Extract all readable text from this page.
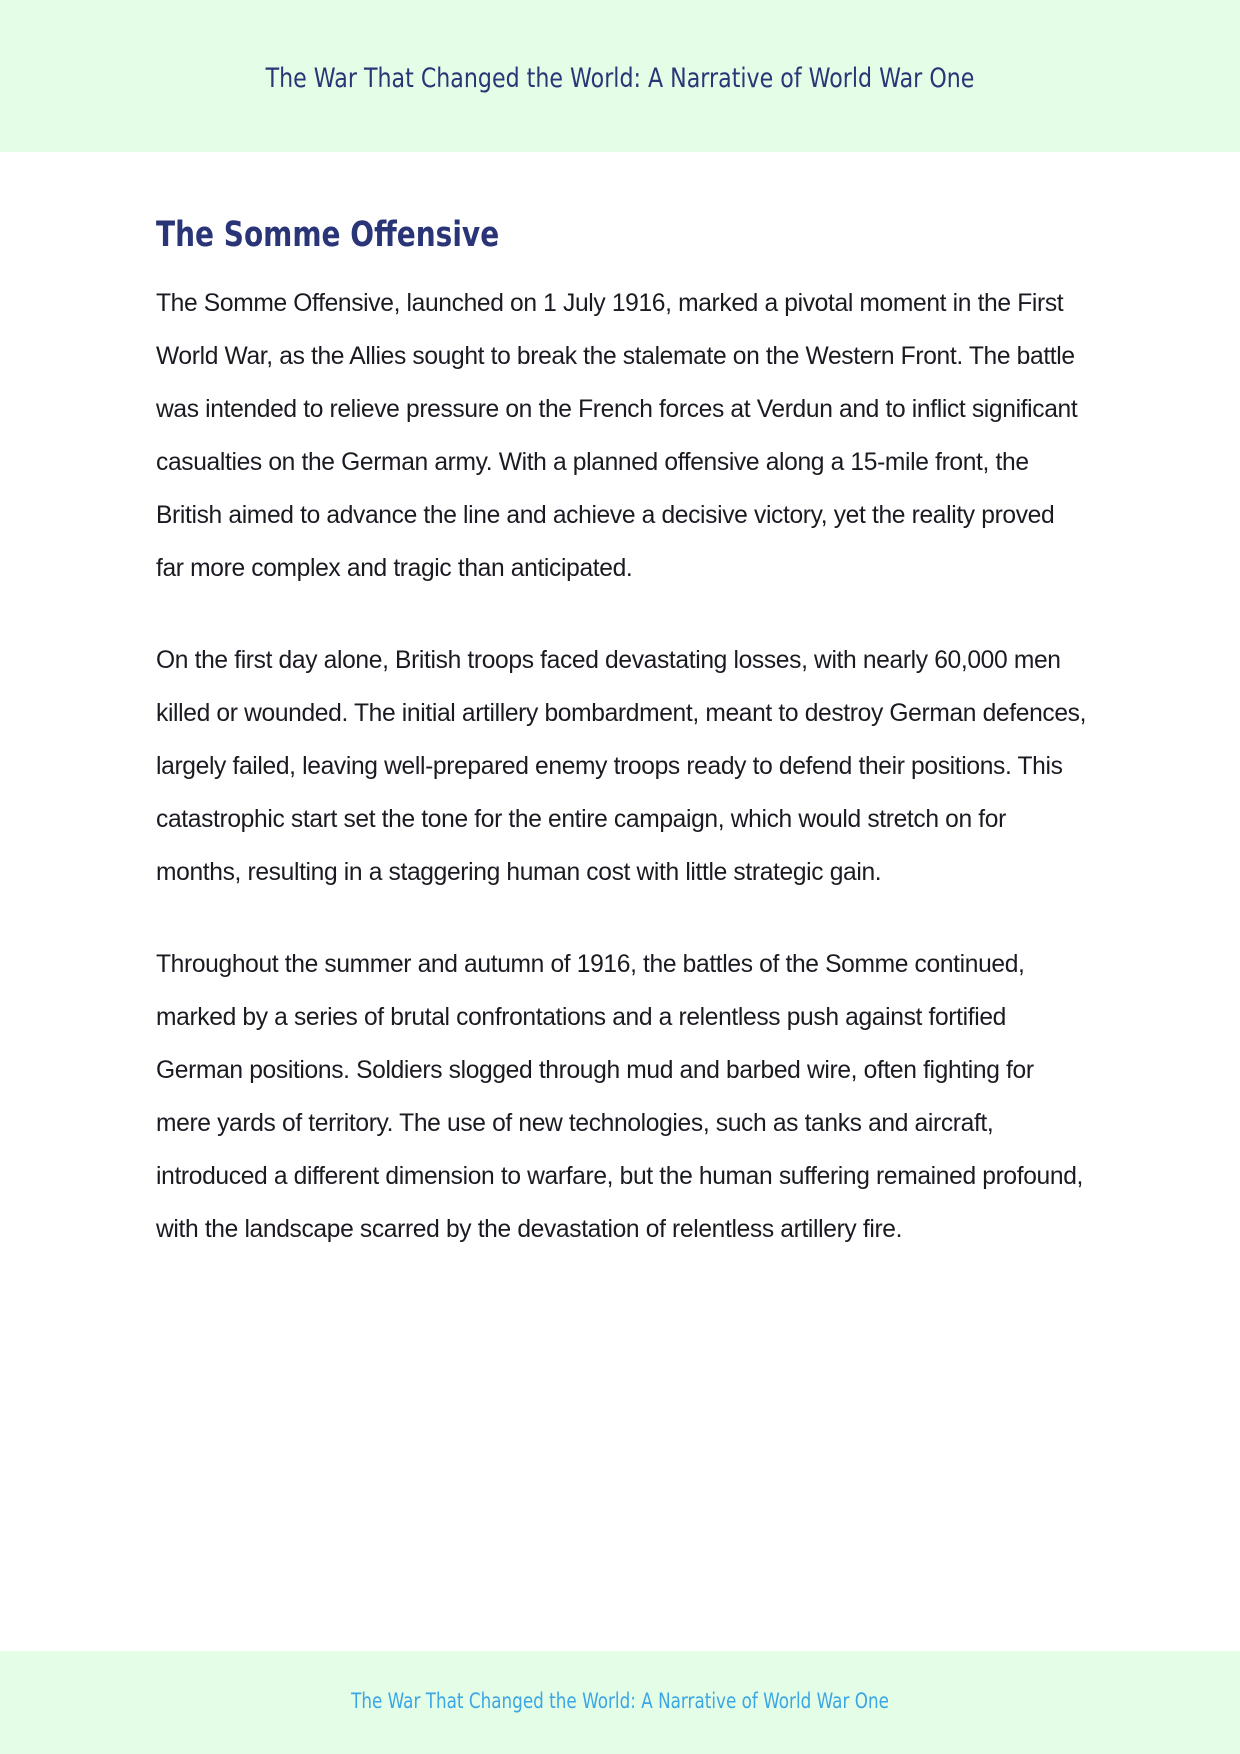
The War That Changed the World: A Narrative of World War One
The Somme Offensive

The Somme Offensive, launched on 1 July 1916, marked a pivotal moment in the First World War, as the Allies sought to break the stalemate on the Western Front. The battle was intended to relieve pressure on the French forces at Verdun and to inflict significant casualties on the German army. With a planned offensive along a 15-mile front, the British aimed to advance the line and achieve a decisive victory, yet the reality proved far more complex and tragic than anticipated.

On the first day alone, British troops faced devastating losses, with nearly 60,000 men killed or wounded. The initial artillery bombardment, meant to destroy German defences, largely failed, leaving well-prepared enemy troops ready to defend their positions. This catastrophic start set the tone for the entire campaign, which would stretch on for months, resulting in a staggering human cost with little strategic gain.

Throughout the summer and autumn of 1916, the battles of the Somme continued, marked by a series of brutal confrontations and a relentless push against fortified German positions. Soldiers slogged through mud and barbed wire, often fighting for mere yards of territory. The use of new technologies, such as tanks and aircraft, introduced a different dimension to warfare, but the human suffering remained profound, with the landscape scarred by the devastation of relentless artillery fire.

The War That Changed the World: A Narrative of World War One
